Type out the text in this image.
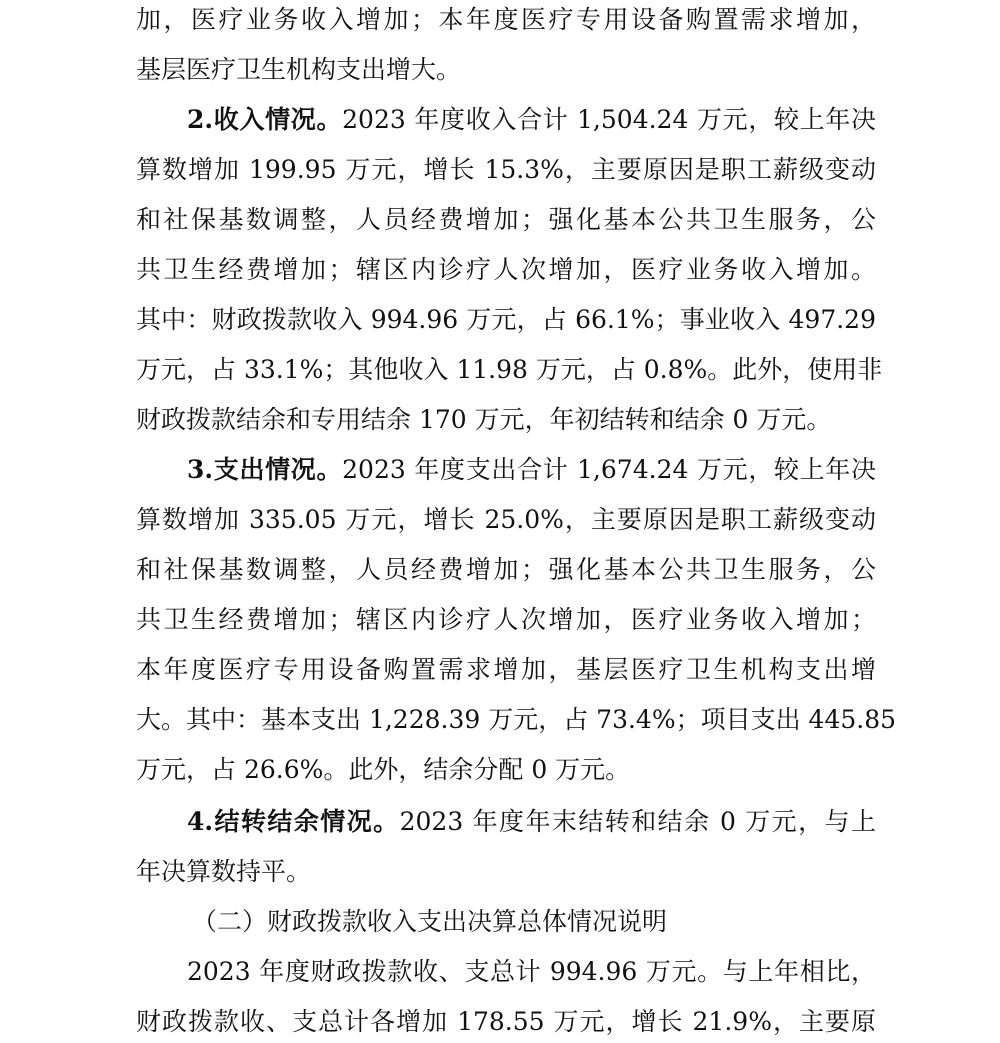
加，医疗业务收入增加；本年度医疗专用设备购置需求增加，
基层医疗卫生机构支出增大。
2.收入情况。2023 年度收入合计 1,504.24 万元，较上年决
算数增加 199.95 万元，增长 15.3%，主要原因是职工薪级变动
和社保基数调整，人员经费增加；强化基本公共卫生服务，公
共卫生经费增加；辖区内诊疗人次增加，医疗业务收入增加。
其中：财政拨款收入 994.96 万元，占 66.1%；事业收入 497.29
万元，占 33.1%；其他收入 11.98 万元，占 0.8%。此外，使用非
财政拨款结余和专用结余 170 万元，年初结转和结余 0 万元。
3.支出情况。2023 年度支出合计 1,674.24 万元，较上年决
算数增加 335.05 万元，增长 25.0%，主要原因是职工薪级变动
和社保基数调整，人员经费增加；强化基本公共卫生服务，公
共卫生经费增加；辖区内诊疗人次增加，医疗业务收入增加；
本年度医疗专用设备购置需求增加，基层医疗卫生机构支出增
大。其中：基本支出 1,228.39 万元，占 73.4%；项目支出 445.85
万元，占 26.6%。此外，结余分配 0 万元。
4.结转结余情况。2023 年度年末结转和结余 0 万元，与上
年决算数持平。
（二）财政拨款收入支出决算总体情况说明
2023 年度财政拨款收、支总计 994.96 万元。与上年相比，
财政拨款收、支总计各增加 178.55 万元，增长 21.9%，主要原
